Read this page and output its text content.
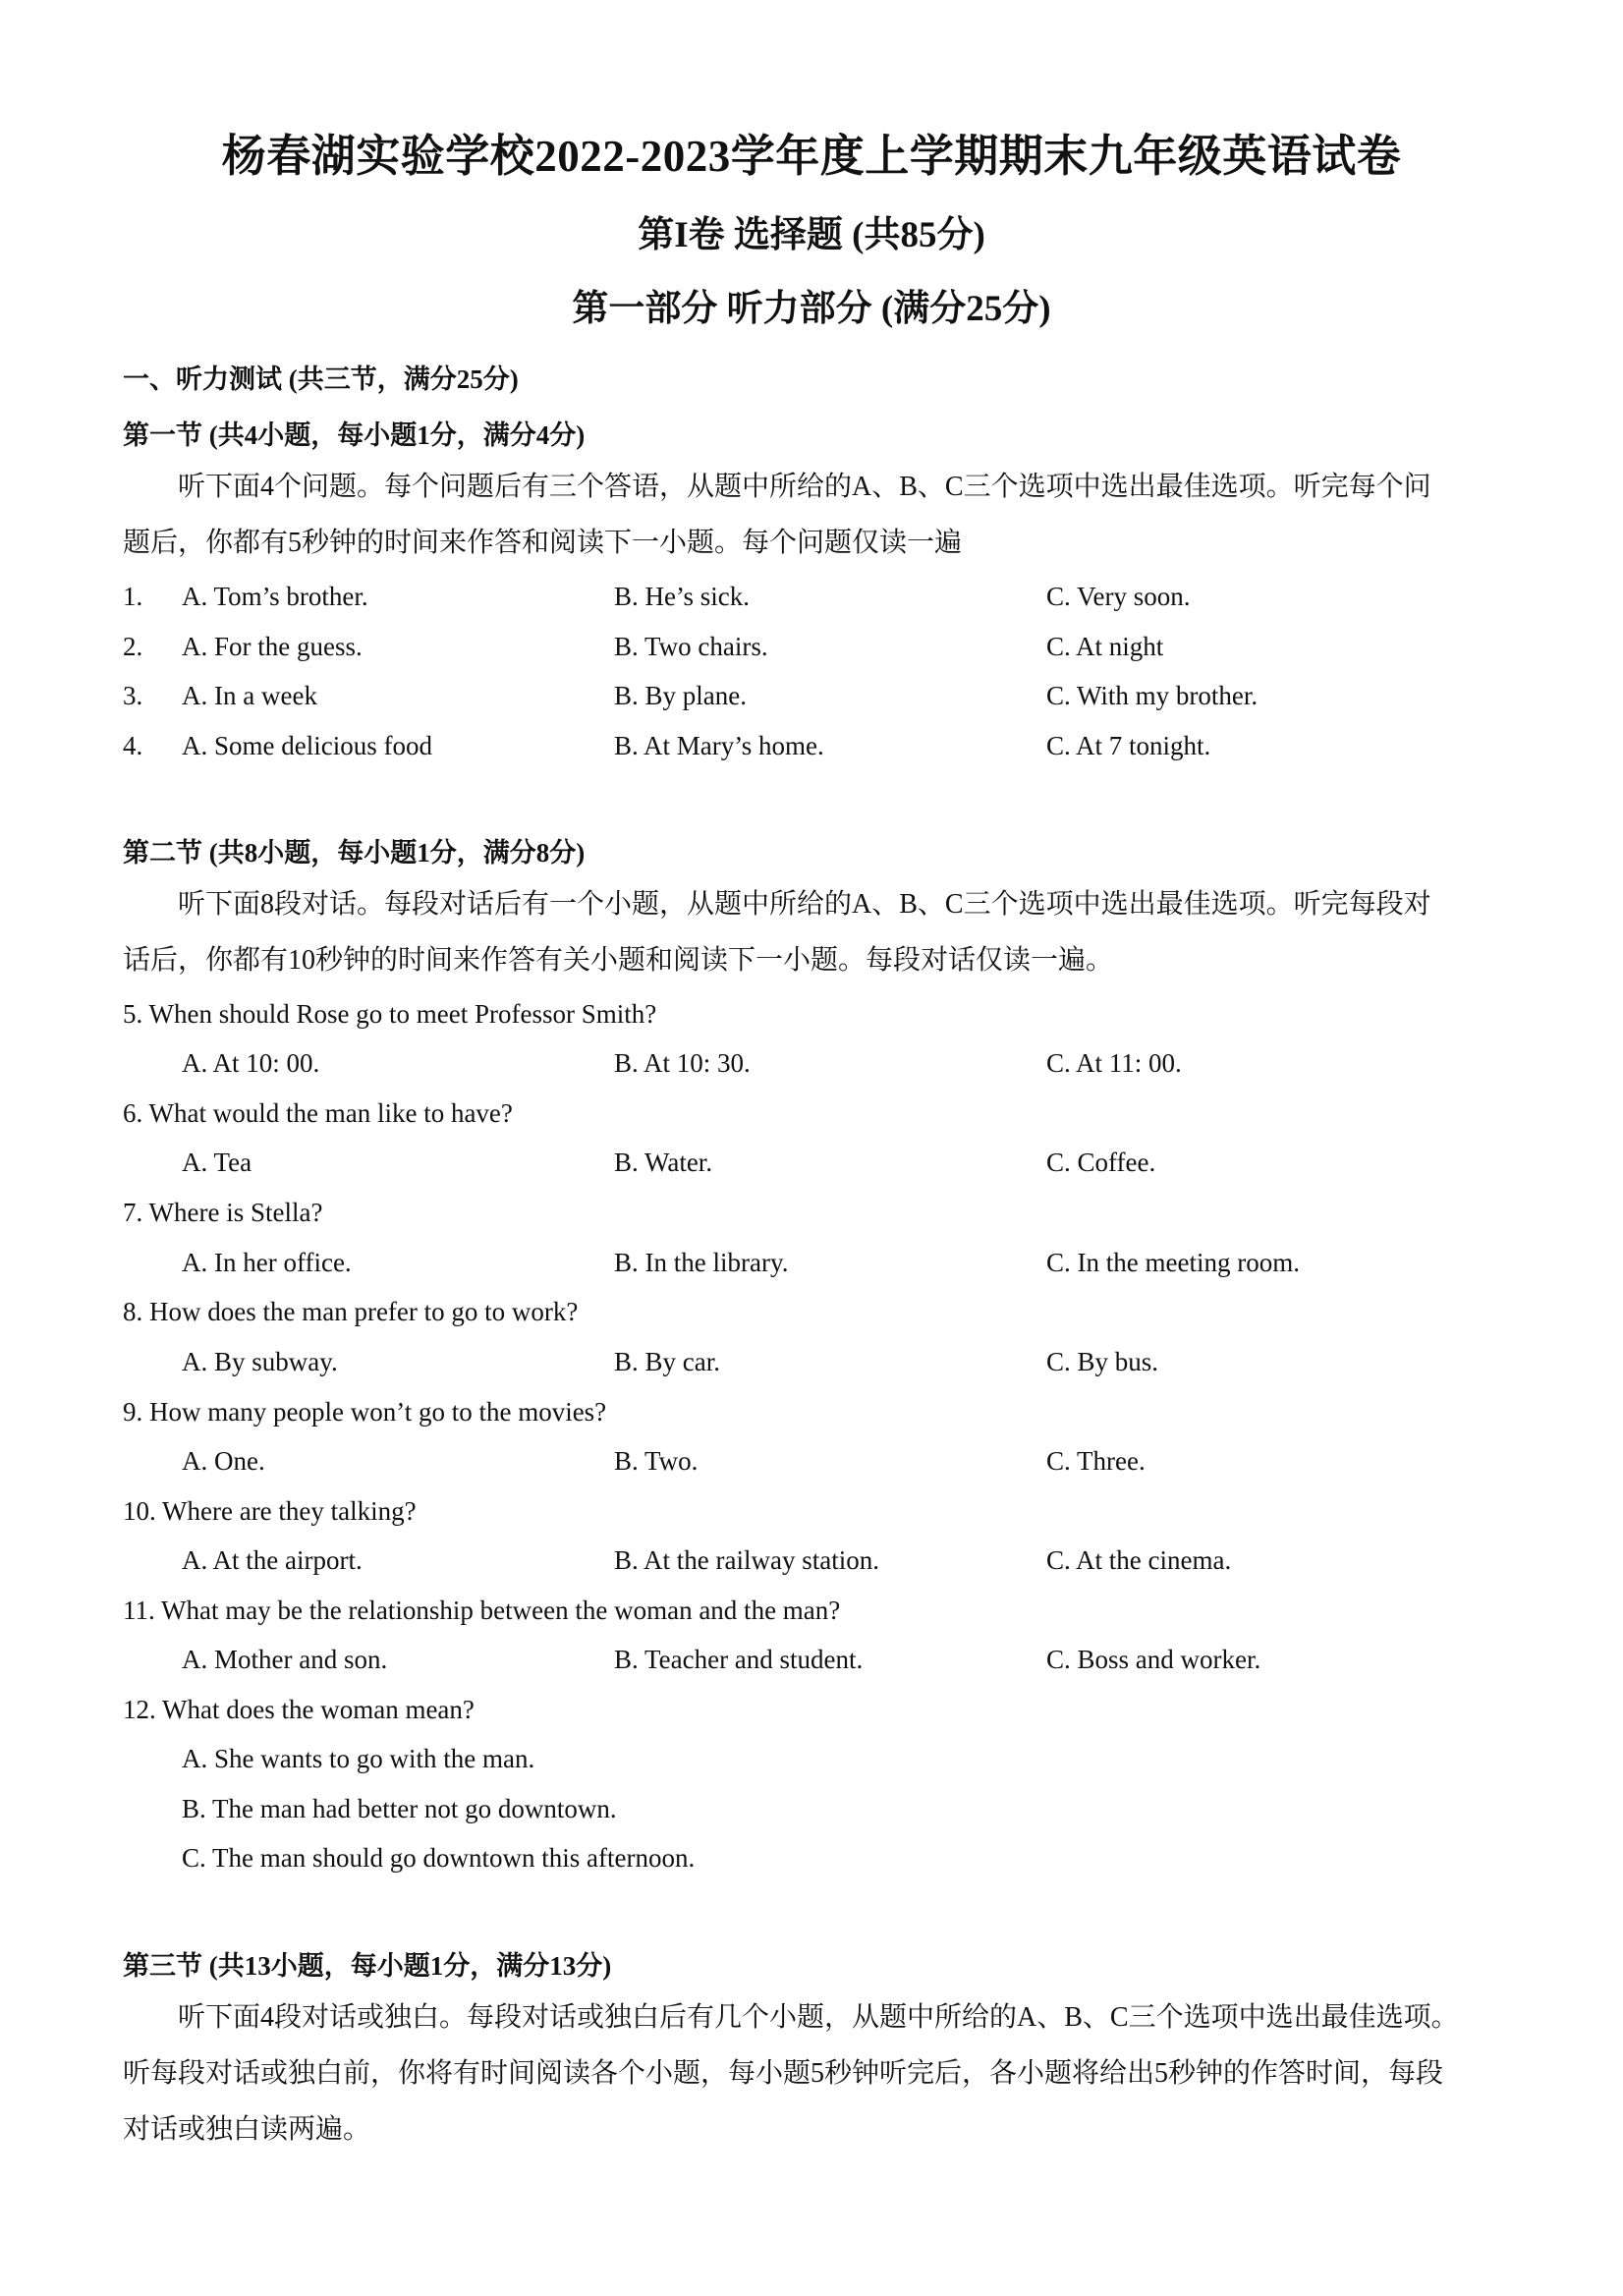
杨春湖实验学校2022-2023学年度上学期期末九年级英语试卷
第I卷 选择题 (共85分)
第一部分 听力部分 (满分25分)
一、听力测试 (共三节，满分25分)
第一节 (共4小题，每小题1分，满分4分)
听下面4个问题。每个问题后有三个答语，从题中所给的A、B、C三个选项中选出最佳选项。听完每个问
题后，你都有5秒钟的时间来作答和阅读下一小题。每个问题仅读一遍
1. A. Tom’s brother.	B. He’s sick.	C. Very soon.
2. A. For the guess.	B. Two chairs.	C. At night
3. A. In a week	B. By plane.	C. With my brother.
4. A. Some delicious food	B. At Mary’s home.	C. At 7 tonight.
第二节 (共8小题，每小题1分，满分8分)
听下面8段对话。每段对话后有一个小题，从题中所给的A、B、C三个选项中选出最佳选项。听完每段对
话后，你都有10秒钟的时间来作答有关小题和阅读下一小题。每段对话仅读一遍。
5. When should Rose go to meet Professor Smith?
A. At 10: 00.	B. At 10: 30.	C. At 11: 00.
6. What would the man like to have?
A. Tea	B. Water.	C. Coffee.
7. Where is Stella?
A. In her office.	B. In the library.	C. In the meeting room.
8. How does the man prefer to go to work?
A. By subway.	B. By car.	C. By bus.
9. How many people won’t go to the movies?
A. One.	B. Two.	C. Three.
10. Where are they talking?
A. At the airport.	B. At the railway station.	C. At the cinema.
11. What may be the relationship between the woman and the man?
A. Mother and son.	B. Teacher and student.	C. Boss and worker.
12. What does the woman mean?
A. She wants to go with the man.
B. The man had better not go downtown.
C. The man should go downtown this afternoon.
第三节 (共13小题，每小题1分，满分13分)
听下面4段对话或独白。每段对话或独白后有几个小题，从题中所给的A、B、C三个选项中选出最佳选项。
听每段对话或独白前，你将有时间阅读各个小题，每小题5秒钟听完后，各小题将给出5秒钟的作答时间，每段
对话或独白读两遍。
